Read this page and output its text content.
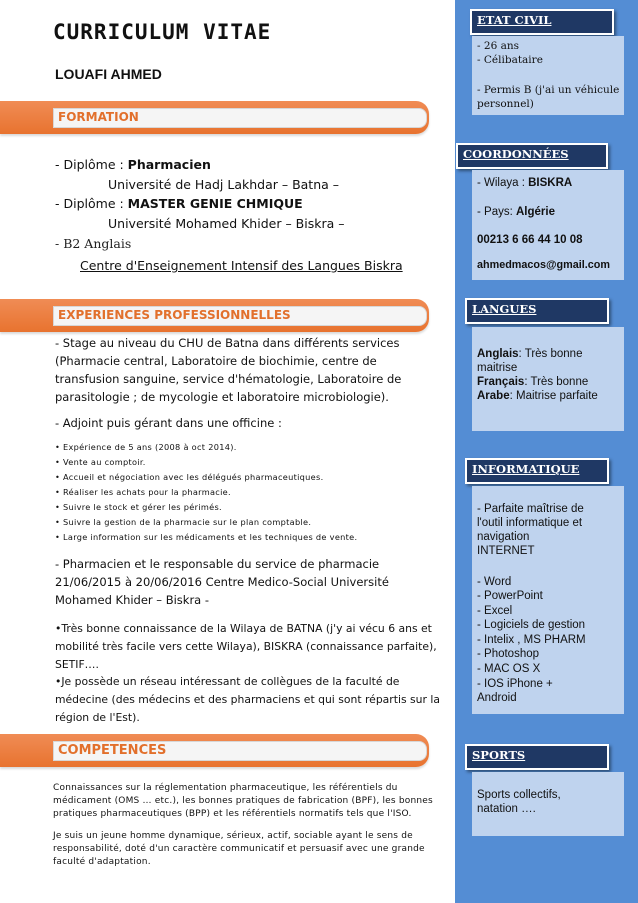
CURRICULUM VITAE
LOUAFI AHMED
FORMATION
- Diplôme : Pharmacien
Université de Hadj Lakhdar – Batna –
- Diplôme : MASTER GENIE CHMIQUE
Université Mohamed Khider – Biskra –
- B2 Anglais
Centre d'Enseignement Intensif des Langues Biskra
EXPERIENCES PROFESSIONNELLES
- Stage au niveau du CHU de Batna dans différents services
(Pharmacie central, Laboratoire de biochimie, centre de
transfusion sanguine, service d'hématologie, Laboratoire de
parasitologie ; de mycologie et laboratoire microbiologie).
- Adjoint puis gérant dans une officine :
• Expérience de 5 ans (2008 à oct 2014).
• Vente au comptoir.
• Accueil et négociation avec les délégués pharmaceutiques.
• Réaliser les achats pour la pharmacie.
• Suivre le stock et gérer les périmés.
• Suivre la gestion de la pharmacie sur le plan comptable.
• Large information sur les médicaments et les techniques de vente.
- Pharmacien et le responsable du service de pharmacie
21/06/2015 à 20/06/2016 Centre Medico-Social Université
Mohamed Khider – Biskra -
•Très bonne connaissance de la Wilaya de BATNA (j'y ai vécu 6 ans et
mobilité très facile vers cette Wilaya), BISKRA (connaissance parfaite),
SETIF….
•Je possède un réseau intéressant de collègues de la faculté de
médecine (des médecins et des pharmaciens et qui sont répartis sur la
région de l'Est).
COMPETENCES
Connaissances sur la réglementation pharmaceutique, les référentiels du
médicament (OMS … etc.), les bonnes pratiques de fabrication (BPF), les bonnes
pratiques pharmaceutiques (BPP) et les référentiels normatifs tels que l'ISO.
Je suis un jeune homme dynamique, sérieux, actif, sociable ayant le sens de
responsabilité, doté d'un caractère communicatif et persuasif avec une grande
faculté d'adaptation.
ETAT CIVIL
- 26 ans
- Célibataire
- Permis B (j'ai un véhicule
personnel)
COORDONNÉES
- Wilaya : BISKRA
- Pays: Algérie
00213 6 66 44 10 08
ahmedmacos@gmail.com
LANGUES
Anglais: Très bonne
maitrise
Français: Très bonne
Arabe: Maitrise parfaite
INFORMATIQUE
- Parfaite maîtrise de
l'outil informatique et
navigation
INTERNET
- Word
- PowerPoint
- Excel
- Logiciels de gestion
- Intelix , MS PHARM
- Photoshop
- MAC OS X
- IOS iPhone +
Android
SPORTS
Sports collectifs,
natation ….
